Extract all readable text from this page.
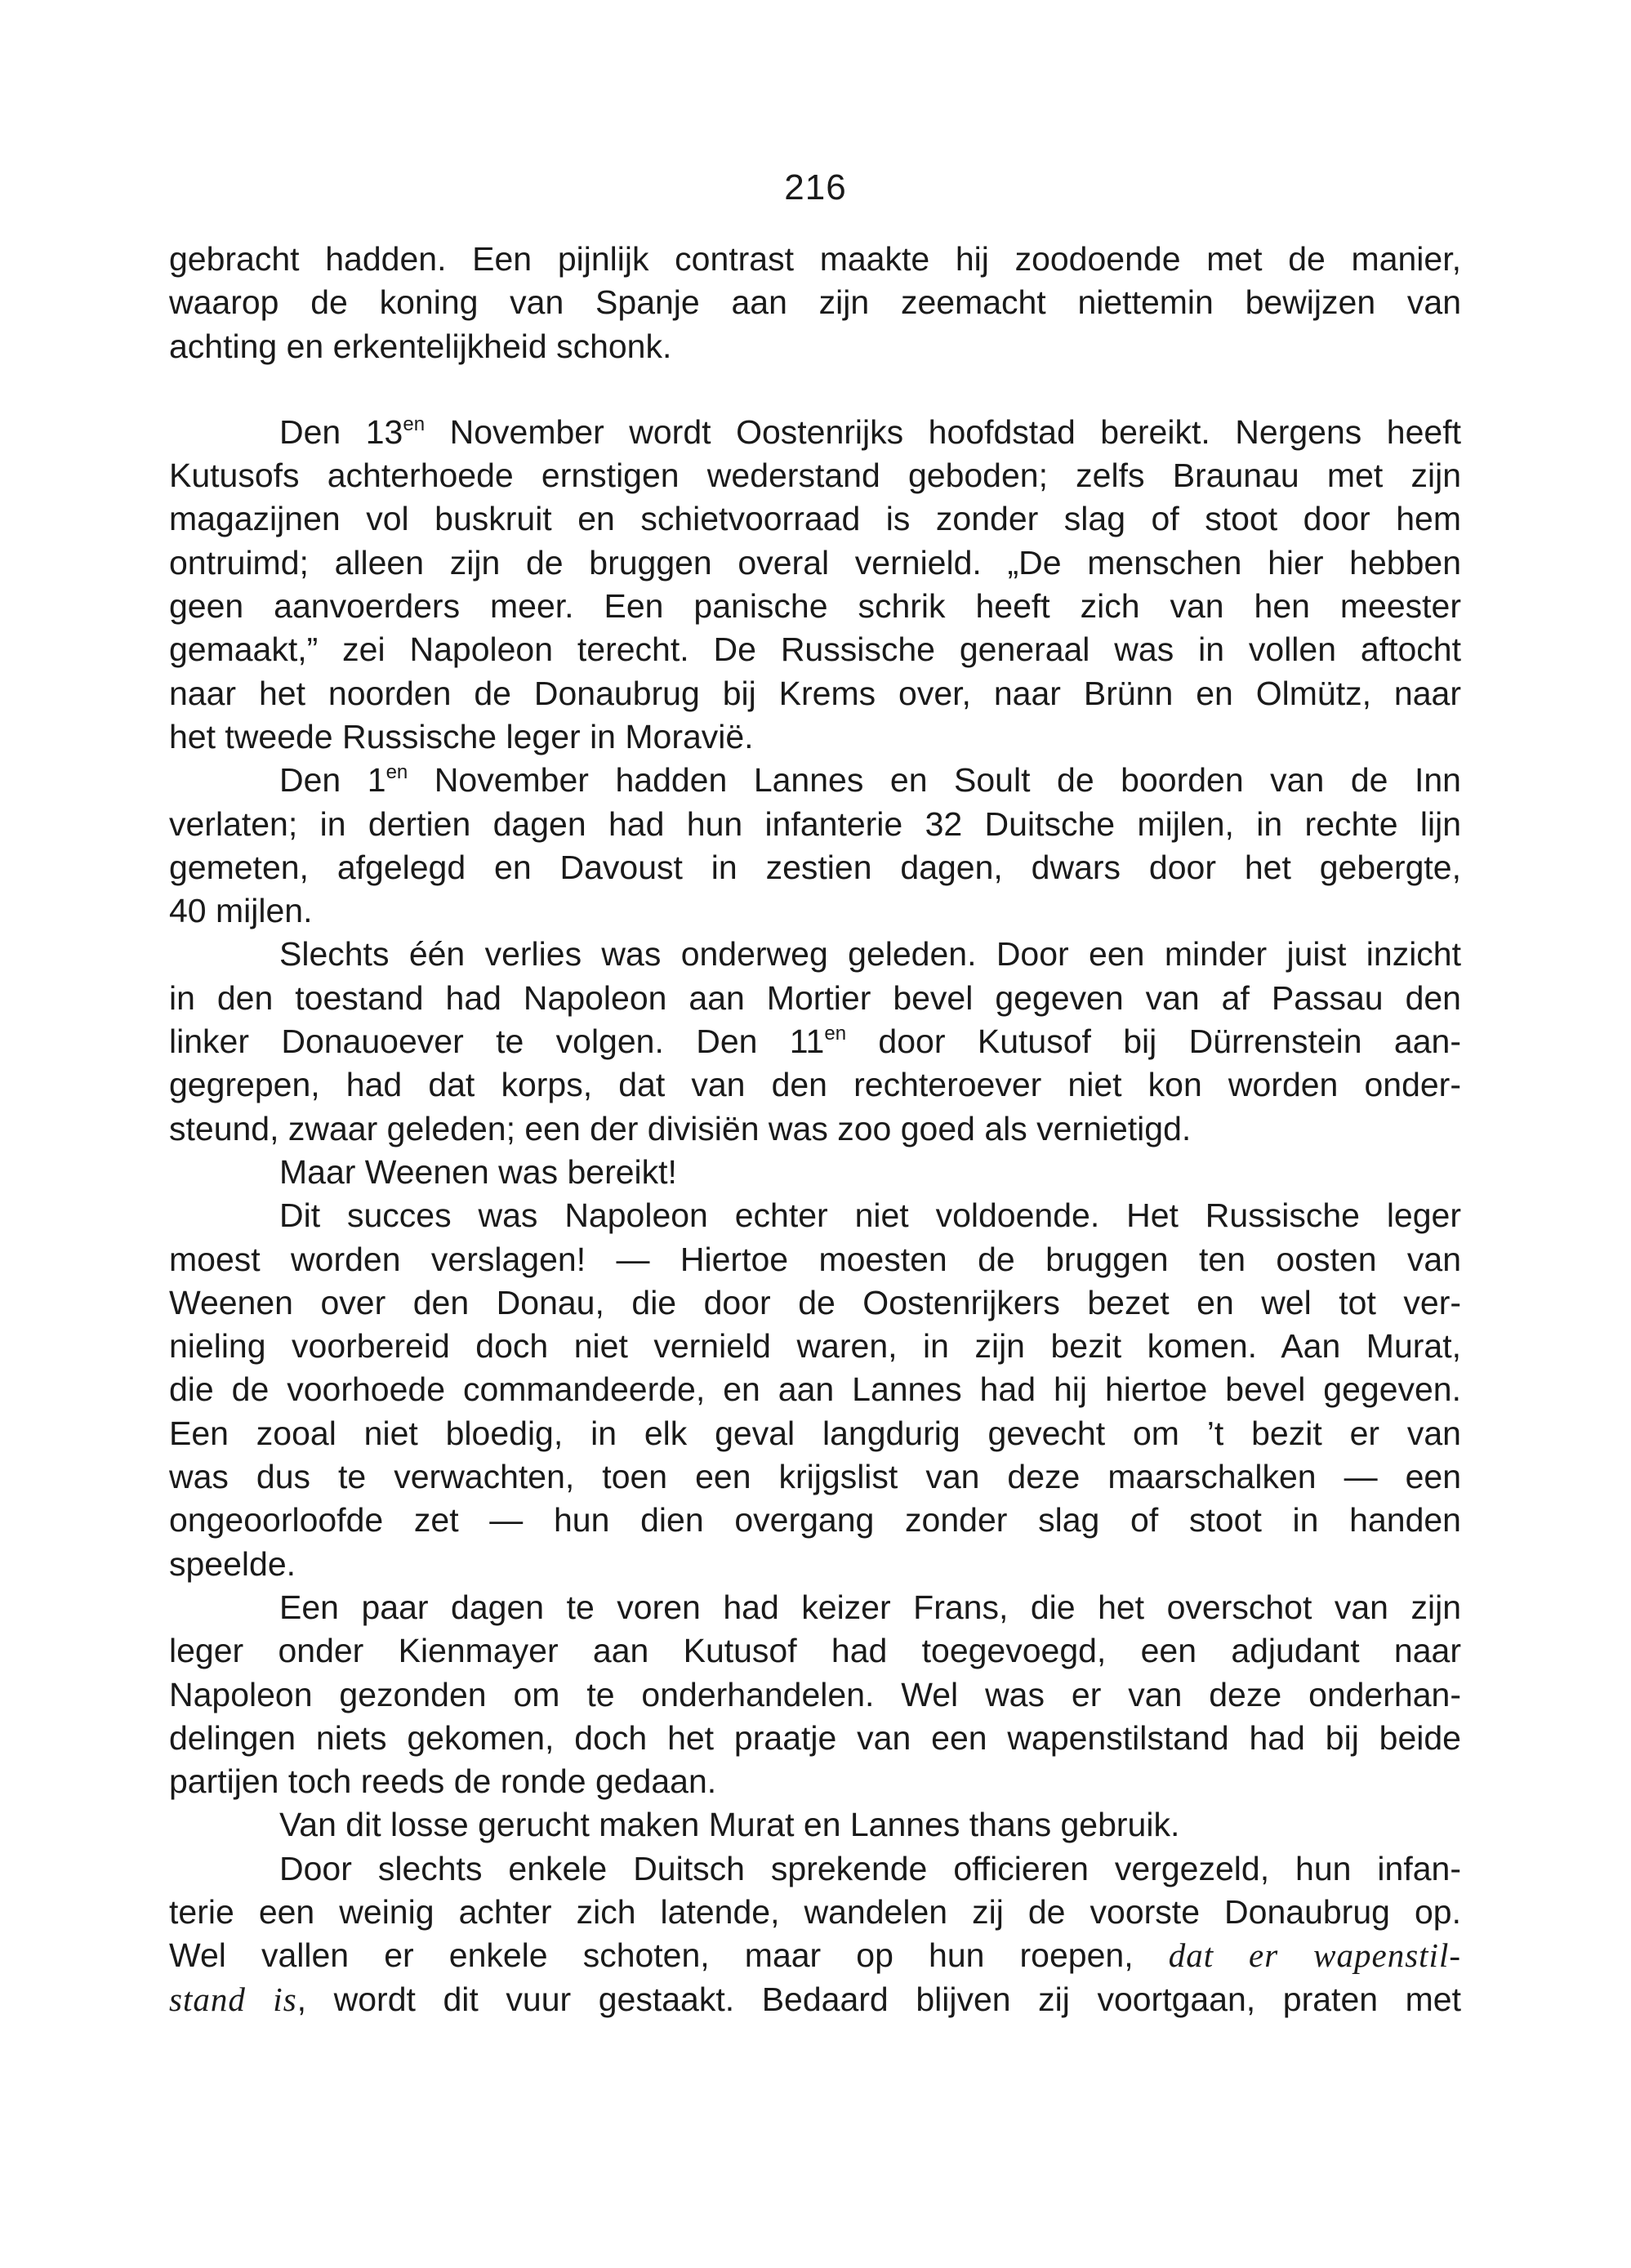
216
gebracht hadden. Een pijnlijk contrast maakte hij zoodoende met de manier,
waarop de koning van Spanje aan zijn zeemacht niettemin bewijzen van
achting en erkentelijkheid schonk.
Den $13^{en}$ November wordt Oostenrijks hoofdstad bereikt. Nergens heeft
Kutusofs achterhoede ernstigen wederstand geboden; zelfs Braunau met zijn
magazijnen vol buskruit en schietvoorraad is zonder slag of stoot door hem
ontruimd; alleen zijn de bruggen overal vernield. „De menschen hier hebben
geen aanvoerders meer. Een panische schrik heeft zich van hen meester
gemaakt,” zei Napoleon terecht. De Russische generaal was in vollen aftocht
naar het noorden de Donaubrug bij Krems over, naar Brünn en Olmütz, naar
het tweede Russische leger in Moravië.
Den $1^{en}$ November hadden Lannes en Soult de boorden van de Inn
verlaten; in dertien dagen had hun infanterie 32 Duitsche mijlen, in rechte lijn
gemeten, afgelegd en Davoust in zestien dagen, dwars door het gebergte,
40 mijlen.
Slechts één verlies was onderweg geleden. Door een minder juist inzicht
in den toestand had Napoleon aan Mortier bevel gegeven van af Passau den
linker Donauoever te volgen. Den $11^{en}$ door Kutusof bij Dürrenstein aan-
gegrepen, had dat korps, dat van den rechteroever niet kon worden onder-
steund, zwaar geleden; een der divisiën was zoo goed als vernietigd.
Maar Weenen was bereikt!
Dit succes was Napoleon echter niet voldoende. Het Russische leger
moest worden verslagen! — Hiertoe moesten de bruggen ten oosten van
Weenen over den Donau, die door de Oostenrijkers bezet en wel tot ver-
nieling voorbereid doch niet vernield waren, in zijn bezit komen. Aan Murat,
die de voorhoede commandeerde, en aan Lannes had hij hiertoe bevel gegeven.
Een zooal niet bloedig, in elk geval langdurig gevecht om ’t bezit er van
was dus te verwachten, toen een krijgslist van deze maarschalken — een
ongeoorloofde zet — hun dien overgang zonder slag of stoot in handen
speelde.
Een paar dagen te voren had keizer Frans, die het overschot van zijn
leger onder Kienmayer aan Kutusof had toegevoegd, een adjudant naar
Napoleon gezonden om te onderhandelen. Wel was er van deze onderhan-
delingen niets gekomen, doch het praatje van een wapenstilstand had bij beide
partijen toch reeds de ronde gedaan.
Van dit losse gerucht maken Murat en Lannes thans gebruik.
Door slechts enkele Duitsch sprekende officieren vergezeld, hun infan-
terie een weinig achter zich latende, wandelen zij de voorste Donaubrug op.
Wel vallen er enkele schoten, maar op hun roepen, dat er wapenstil-
stand is, wordt dit vuur gestaakt. Bedaard blijven zij voortgaan, praten met
